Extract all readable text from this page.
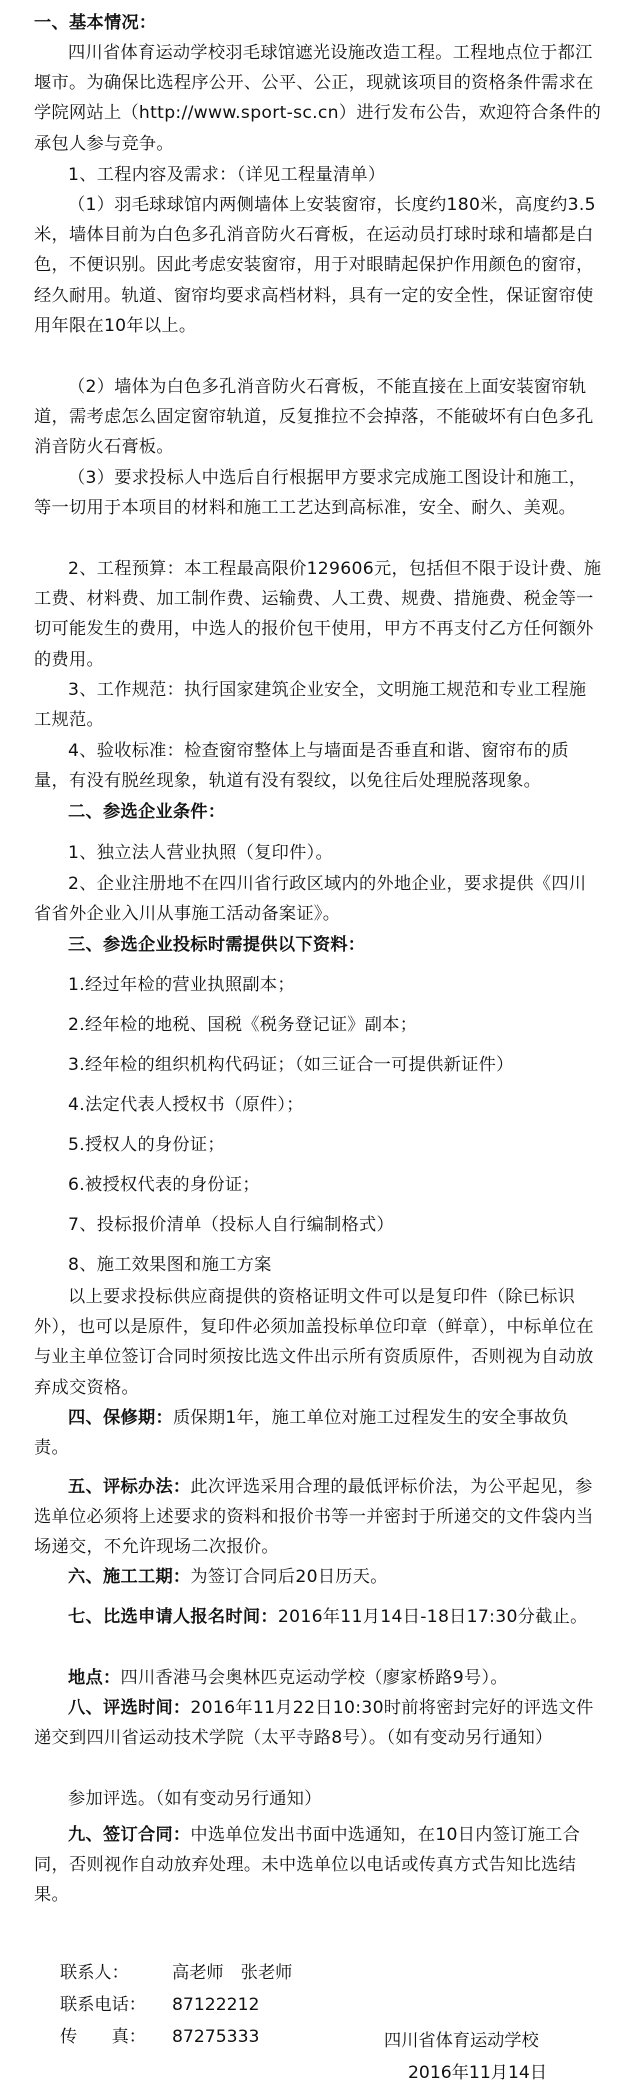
一、基本情况：
四川省体育运动学校羽毛球馆遮光设施改造工程。工程地点位于都江堰市。为确保比选程序公开、公平、公正，现就该项目的资格条件需求在学院网站上（http://www.sport-sc.cn）进行发布公告，欢迎符合条件的承包人参与竞争。
1、工程内容及需求：（详见工程量清单）
（1）羽毛球球馆内两侧墙体上安装窗帘，长度约180米，高度约3.5米，墙体目前为白色多孔消音防火石膏板，在运动员打球时球和墙都是白色，不便识别。因此考虑安装窗帘，用于对眼睛起保护作用颜色的窗帘，经久耐用。轨道、窗帘均要求高档材料，具有一定的安全性，保证窗帘使用年限在10年以上。
（2）墙体为白色多孔消音防火石膏板，不能直接在上面安装窗帘轨道，需考虑怎么固定窗帘轨道，反复推拉不会掉落，不能破坏有白色多孔消音防火石膏板。
（3）要求投标人中选后自行根据甲方要求完成施工图设计和施工，等一切用于本项目的材料和施工工艺达到高标准，安全、耐久、美观。
2、工程预算：本工程最高限价129606元，包括但不限于设计费、施工费、材料费、加工制作费、运输费、人工费、规费、措施费、税金等一切可能发生的费用，中选人的报价包干使用，甲方不再支付乙方任何额外的费用。
3、工作规范：执行国家建筑企业安全，文明施工规范和专业工程施工规范。
4、验收标准：检查窗帘整体上与墙面是否垂直和谐、窗帘布的质量，有没有脱丝现象，轨道有没有裂纹，以免往后处理脱落现象。
二、参选企业条件：
1、独立法人营业执照（复印件）。
2、企业注册地不在四川省行政区域内的外地企业，要求提供《四川省省外企业入川从事施工活动备案证》。
三、参选企业投标时需提供以下资料：
1.经过年检的营业执照副本；
2.经年检的地税、国税《税务登记证》副本；
3.经年检的组织机构代码证；（如三证合一可提供新证件）
4.法定代表人授权书（原件）；
5.授权人的身份证；
6.被授权代表的身份证；
7、投标报价清单（投标人自行编制格式）
8、施工效果图和施工方案
以上要求投标供应商提供的资格证明文件可以是复印件（除已标识外），也可以是原件，复印件必须加盖投标单位印章（鲜章），中标单位在与业主单位签订合同时须按比选文件出示所有资质原件，否则视为自动放弃成交资格。
四、保修期：质保期1年，施工单位对施工过程发生的安全事故负责。
五、评标办法：此次评选采用合理的最低评标价法，为公平起见，参选单位必须将上述要求的资料和报价书等一并密封于所递交的文件袋内当场递交，不允许现场二次报价。
六、施工工期：为签订合同后20日历天。
七、比选申请人报名时间：2016年11月14日-18日17:30分截止。
地点：四川香港马会奥林匹克运动学校（廖家桥路9号）。
八、评选时间：2016年11月22日10:30时前将密封完好的评选文件递交到四川省运动技术学院（太平寺路8号）。（如有变动另行通知）
参加评选。（如有变动另行通知）
九、签订合同：中选单位发出书面中选通知，在10日内签订施工合同，否则视作自动放弃处理。未中选单位以电话或传真方式告知比选结果。
联系人：	高老师　张老师
联系电话： 87122212
传　　真： 87275333	四川省体育运动学校
2016年11月14日
